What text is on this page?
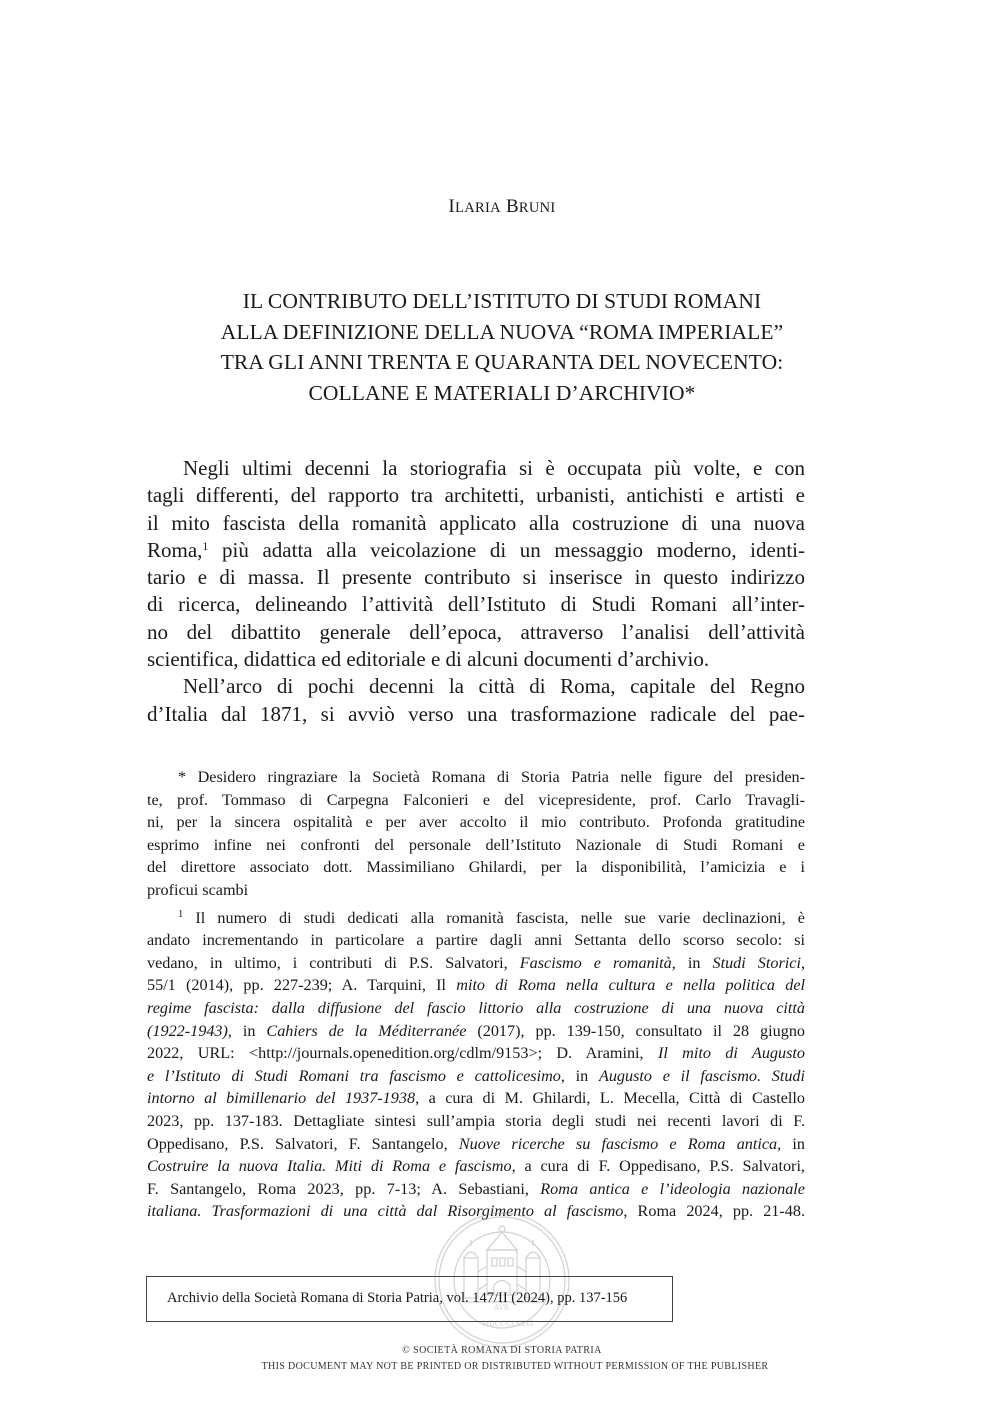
ILARIA BRUNI
IL CONTRIBUTO DELL’ISTITUTO DI STUDI ROMANI
ALLA DEFINIZIONE DELLA NUOVA “ROMA IMPERIALE”
TRA GLI ANNI TRENTA E QUARANTA DEL NOVECENTO:
COLLANE E MATERIALI D’ARCHIVIO*
Negli ultimi decenni la storiografia si è occupata più volte, e con
tagli differenti, del rapporto tra architetti, urbanisti, antichisti e artisti e
il mito fascista della romanità applicato alla costruzione di una nuova
Roma,$^1$ più adatta alla veicolazione di un messaggio moderno, identi-
tario e di massa. Il presente contributo si inserisce in questo indirizzo
di ricerca, delineando l’attività dell’Istituto di Studi Romani all’inter-
no del dibattito generale dell’epoca, attraverso l’analisi dell’attività
scientifica, didattica ed editoriale e di alcuni documenti d’archivio.
Nell’arco di pochi decenni la città di Roma, capitale del Regno
d’Italia dal 1871, si avviò verso una trasformazione radicale del pae-
* Desidero ringraziare la Società Romana di Storia Patria nelle figure del presiden-
te, prof. Tommaso di Carpegna Falconieri e del vicepresidente, prof. Carlo Travagli-
ni, per la sincera ospitalità e per aver accolto il mio contributo. Profonda gratitudine
esprimo infine nei confronti del personale dell’Istituto Nazionale di Studi Romani e
del direttore associato dott. Massimiliano Ghilardi, per la disponibilità, l’amicizia e i
proficui scambi
$^1$ Il numero di studi dedicati alla romanità fascista, nelle sue varie declinazioni, è
andato incrementando in particolare a partire dagli anni Settanta dello scorso secolo: si
vedano, in ultimo, i contributi di P.S. Salvatori, Fascismo e romanità, in Studi Storici,
55/1 (2014), pp. 227-239; A. Tarquini, Il mito di Roma nella cultura e nella politica del
regime fascista: dalla diffusione del fascio littorio alla costruzione di una nuova città
(1922-1943), in Cahiers de la Méditerranée (2017), pp. 139-150, consultato il 28 giugno
2022, URL: <http://journals.openedition.org/cdlm/9153>; D. Aramini, Il mito di Augusto
e l’Istituto di Studi Romani tra fascismo e cattolicesimo, in Augusto e il fascismo. Studi
intorno al bimillenario del 1937-1938, a cura di M. Ghilardi, L. Mecella, Città di Castello
2023, pp. 137-183. Dettagliate sintesi sull’ampia storia degli studi nei recenti lavori di F.
Oppedisano, P.S. Salvatori, F. Santangelo, Nuove ricerche su fascismo e Roma antica, in
Costruire la nuova Italia. Miti di Roma e fascismo, a cura di F. Oppedisano, P.S. Salvatori,
F. Santangelo, Roma 2023, pp. 7-13; A. Sebastiani, Roma antica e l’ideologia nazionale
italiana. Trasformazioni di una città dal Risorgimento al fascismo, Roma 2024, pp. 21-48.
AVR
MDCCCLXXVI
Archivio della Società Romana di Storia Patria, vol. 147/II (2024), pp. 137-156
© SOCIETÀ ROMANA DI STORIA PATRIA
THIS DOCUMENT MAY NOT BE PRINTED OR DISTRIBUTED WITHOUT PERMISSION OF THE PUBLISHER
